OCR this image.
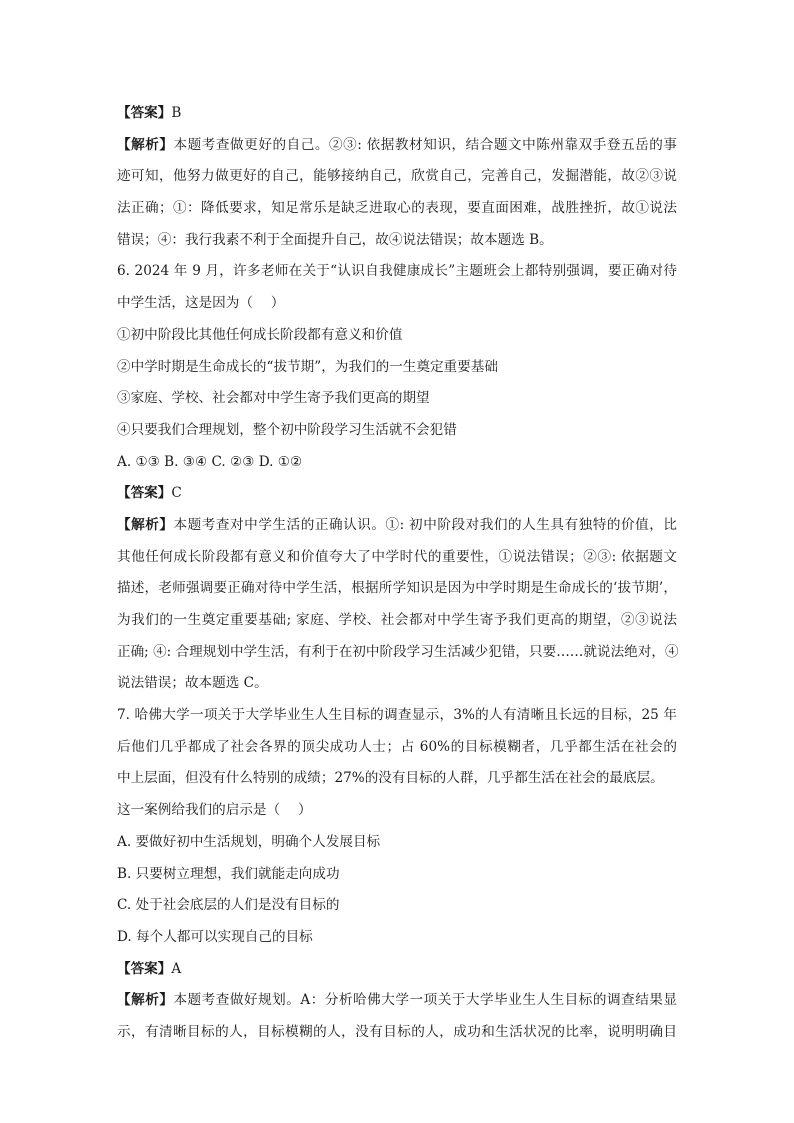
【答案】B
【解析】本题考查做更好的自己。②③: 依据教材知识，结合题文中陈州靠双手登五岳的事
迹可知，他努力做更好的自己，能够接纳自己，欣赏自己，完善自己，发掘潜能，故②③说
法正确；①：降低要求，知足常乐是缺乏进取心的表现，要直面困难，战胜挫折，故①说法
错误；④：我行我素不利于全面提升自己，故④说法错误；故本题选 B。
6. 2024 年 9 月，许多老师在关于“认识自我健康成长”主题班会上都特别强调，要正确对待
中学生活，这是因为（　 ）
①初中阶段比其他任何成长阶段都有意义和价值
②中学时期是生命成长的“拔节期”，为我们的一生奠定重要基础
③家庭、学校、社会都对中学生寄予我们更高的期望
④只要我们合理规划，整个初中阶段学习生活就不会犯错
A. ①③ B. ③④ C. ②③ D. ①②
【答案】C
【解析】本题考查对中学生活的正确认识。①: 初中阶段对我们的人生具有独特的价值，比
其他任何成长阶段都有意义和价值夸大了中学时代的重要性，①说法错误；②③: 依据题文
描述，老师强调要正确对待中学生活，根据所学知识是因为中学时期是生命成长的‘拔节期’，
为我们的一生奠定重要基础; 家庭、学校、社会都对中学生寄予我们更高的期望，②③说法
正确; ④: 合理规划中学生活，有利于在初中阶段学习生活减少犯错，只要……就说法绝对，④
说法错误；故本题选 C。
7. 哈佛大学一项关于大学毕业生人生目标的调查显示，3%的人有清晰且长远的目标，25 年
后他们几乎都成了社会各界的顶尖成功人士；占 60%的目标模糊者，几乎都生活在社会的
中上层面，但没有什么特别的成绩；27%的没有目标的人群，几乎都生活在社会的最底层。
这一案例给我们的启示是（　 ）
A. 要做好初中生活规划，明确个人发展目标
B. 只要树立理想，我们就能走向成功
C. 处于社会底层的人们是没有目标的
D. 每个人都可以实现自己的目标
【答案】A
【解析】本题考查做好规划。A：分析哈佛大学一项关于大学毕业生人生目标的调查结果显
示，有清晰目标的人，目标模糊的人，没有目标的人，成功和生活状况的比率，说明明确目
